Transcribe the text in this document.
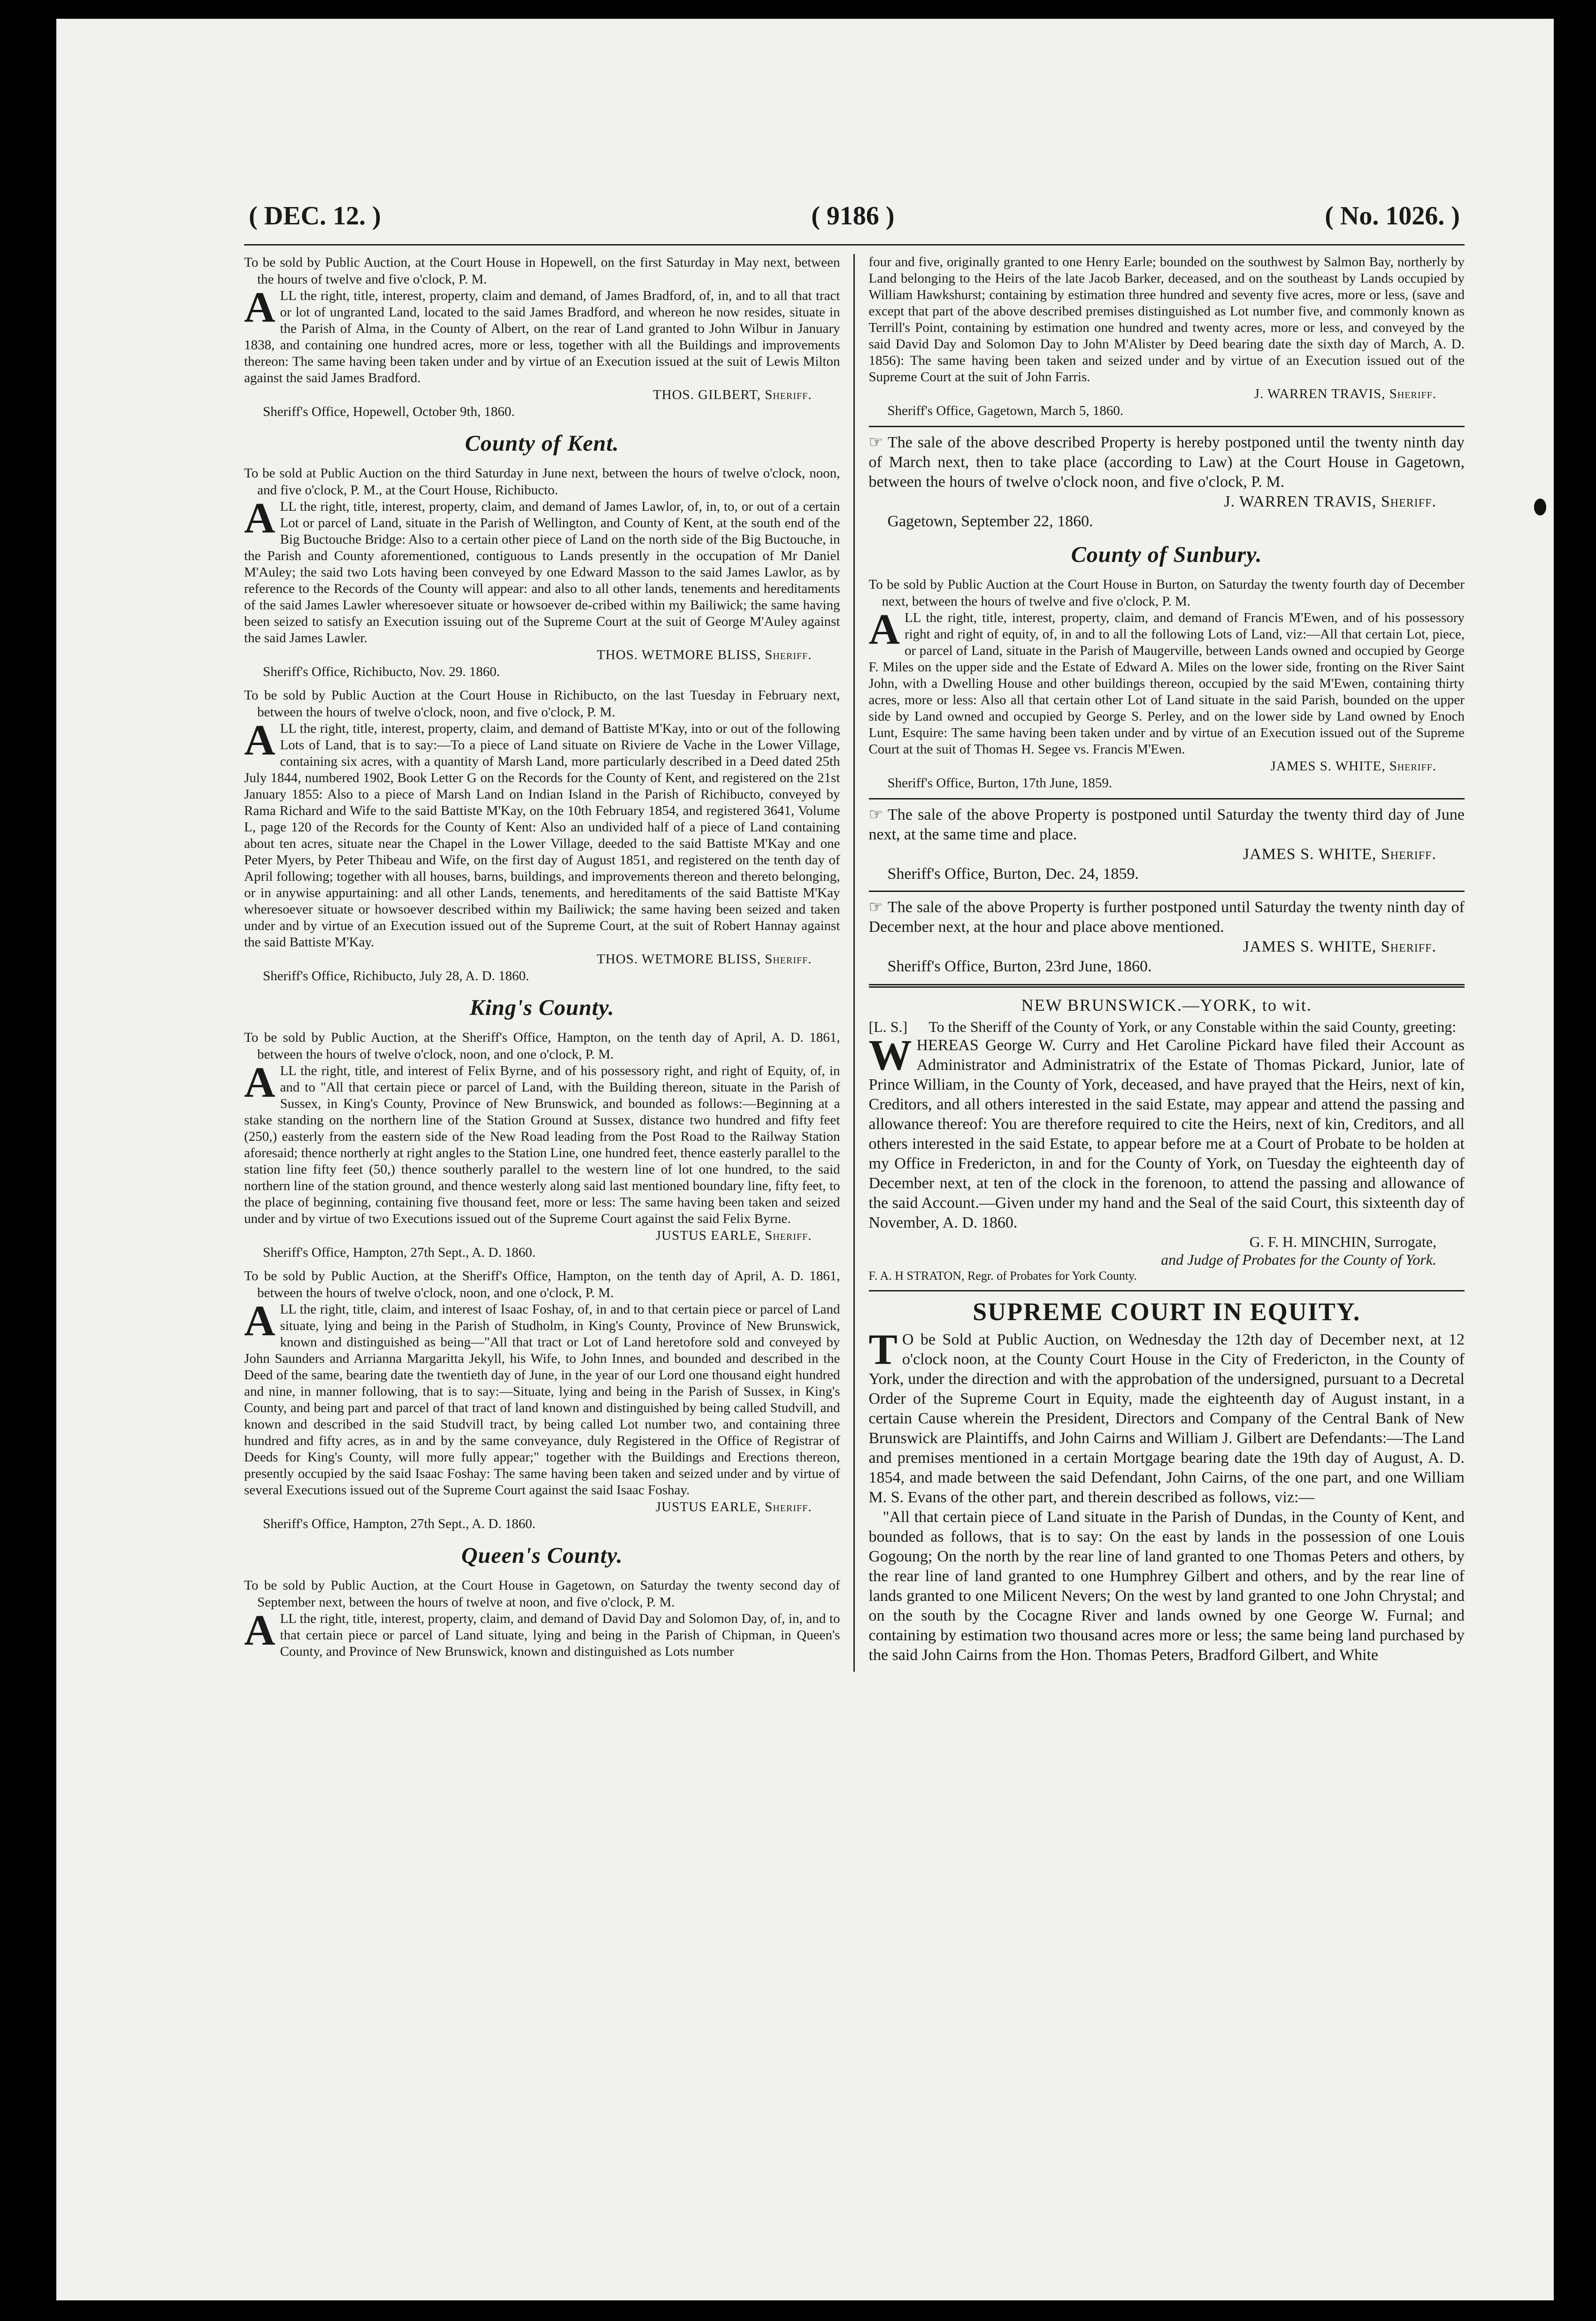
( DEC. 12. )	( 9186 )	( No. 1026. )

To be sold by Public Auction, at the Court House in Hopewell, on the first Saturday in May next, between the hours of twelve and five o'clock, P. M.

ALL the right, title, interest, property, claim and demand, of James Bradford, of, in, and to all that tract or lot of ungranted Land, located to the said James Bradford, and whereon he now resides, situate in the Parish of Alma, in the County of Albert, on the rear of Land granted to John Wilbur in January 1838, and containing one hundred acres, more or less, together with all the Buildings and improvements thereon: The same having been taken under and by virtue of an Execution issued at the suit of Lewis Milton against the said James Bradford.

THOS. GILBERT, Sheriff.

Sheriff's Office, Hopewell, October 9th, 1860.

County of Kent.

To be sold at Public Auction on the third Saturday in June next, between the hours of twelve o'clock, noon, and five o'clock, P. M., at the Court House, Richibucto.

ALL the right, title, interest, property, claim, and demand of James Lawlor, of, in, to, or out of a certain Lot or parcel of Land, situate in the Parish of Wellington, and County of Kent, at the south end of the Big Buctouche Bridge: Also to a certain other piece of Land on the north side of the Big Buctouche, in the Parish and County aforementioned, contiguous to Lands presently in the occupation of Mr Daniel M'Auley; the said two Lots having been conveyed by one Edward Masson to the said James Lawlor, as by reference to the Records of the County will appear: and also to all other lands, tenements and hereditaments of the said James Lawler wheresoever situate or howsoever de-cribed within my Bailiwick; the same having been seized to satisfy an Execution issuing out of the Supreme Court at the suit of George M'Auley against the said James Lawler.

THOS. WETMORE BLISS, Sheriff.

Sheriff's Office, Richibucto, Nov. 29. 1860.

To be sold by Public Auction at the Court House in Richibucto, on the last Tuesday in February next, between the hours of twelve o'clock, noon, and five o'clock, P. M.

ALL the right, title, interest, property, claim, and demand of Battiste M'Kay, into or out of the following Lots of Land, that is to say:—To a piece of Land situate on Riviere de Vache in the Lower Village, containing six acres, with a quantity of Marsh Land, more particularly described in a Deed dated 25th July 1844, numbered 1902, Book Letter G on the Records for the County of Kent, and registered on the 21st January 1855: Also to a piece of Marsh Land on Indian Island in the Parish of Richibucto, conveyed by Rama Richard and Wife to the said Battiste M'Kay, on the 10th February 1854, and registered 3641, Volume L, page 120 of the Records for the County of Kent: Also an undivided half of a piece of Land containing about ten acres, situate near the Chapel in the Lower Village, deeded to the said Battiste M'Kay and one Peter Myers, by Peter Thibeau and Wife, on the first day of August 1851, and registered on the tenth day of April following; together with all houses, barns, buildings, and improvements thereon and thereto belonging, or in anywise appurtaining: and all other Lands, tenements, and hereditaments of the said Battiste M'Kay wheresoever situate or howsoever described within my Bailiwick; the same having been seized and taken under and by virtue of an Execution issued out of the Supreme Court, at the suit of Robert Hannay against the said Battiste M'Kay.

THOS. WETMORE BLISS, Sheriff.

Sheriff's Office, Richibucto, July 28, A. D. 1860.

King's County.

To be sold by Public Auction, at the Sheriff's Office, Hampton, on the tenth day of April, A. D. 1861, between the hours of twelve o'clock, noon, and one o'clock, P. M.

ALL the right, title, and interest of Felix Byrne, and of his possessory right, and right of Equity, of, in and to "All that certain piece or parcel of Land, with the Building thereon, situate in the Parish of Sussex, in King's County, Province of New Brunswick, and bounded as follows:—Beginning at a stake standing on the northern line of the Station Ground at Sussex, distance two hundred and fifty feet (250,) easterly from the eastern side of the New Road leading from the Post Road to the Railway Station aforesaid; thence northerly at right angles to the Station Line, one hundred feet, thence easterly parallel to the station line fifty feet (50,) thence southerly parallel to the western line of lot one hundred, to the said northern line of the station ground, and thence westerly along said last mentioned boundary line, fifty feet, to the place of beginning, containing five thousand feet, more or less: The same having been taken and seized under and by virtue of two Executions issued out of the Supreme Court against the said Felix Byrne.

JUSTUS EARLE, Sheriff.

Sheriff's Office, Hampton, 27th Sept., A. D. 1860.

To be sold by Public Auction, at the Sheriff's Office, Hampton, on the tenth day of April, A. D. 1861, between the hours of twelve o'clock, noon, and one o'clock, P. M.

ALL the right, title, claim, and interest of Isaac Foshay, of, in and to that certain piece or parcel of Land situate, lying and being in the Parish of Studholm, in King's County, Province of New Brunswick, known and distinguished as being—"All that tract or Lot of Land heretofore sold and conveyed by John Saunders and Arrianna Margaritta Jekyll, his Wife, to John Innes, and bounded and described in the Deed of the same, bearing date the twentieth day of June, in the year of our Lord one thousand eight hundred and nine, in manner following, that is to say:—Situate, lying and being in the Parish of Sussex, in King's County, and being part and parcel of that tract of land known and distinguished by being called Studvill, and known and described in the said Studvill tract, by being called Lot number two, and containing three hundred and fifty acres, as in and by the same conveyance, duly Registered in the Office of Registrar of Deeds for King's County, will more fully appear;" together with the Buildings and Erections thereon, presently occupied by the said Isaac Foshay: The same having been taken and seized under and by virtue of several Executions issued out of the Supreme Court against the said Isaac Foshay.

JUSTUS EARLE, Sheriff.

Sheriff's Office, Hampton, 27th Sept., A. D. 1860.

Queen's County.

To be sold by Public Auction, at the Court House in Gagetown, on Saturday the twenty second day of September next, between the hours of twelve at noon, and five o'clock, P. M.

ALL the right, title, interest, property, claim, and demand of David Day and Solomon Day, of, in, and to that certain piece or parcel of Land situate, lying and being in the Parish of Chipman, in Queen's County, and Province of New Brunswick, known and distinguished as Lots number

four and five, originally granted to one Henry Earle; bounded on the southwest by Salmon Bay, northerly by Land belonging to the Heirs of the late Jacob Barker, deceased, and on the southeast by Lands occupied by William Hawkshurst; containing by estimation three hundred and seventy five acres, more or less, (save and except that part of the above described premises distinguished as Lot number five, and commonly known as Terrill's Point, containing by estimation one hundred and twenty acres, more or less, and conveyed by the said David Day and Solomon Day to John M'Alister by Deed bearing date the sixth day of March, A. D. 1856): The same having been taken and seized under and by virtue of an Execution issued out of the Supreme Court at the suit of John Farris.

J. WARREN TRAVIS, Sheriff.

Sheriff's Office, Gagetown, March 5, 1860.

☞ The sale of the above described Property is hereby postponed until the twenty ninth day of March next, then to take place (according to Law) at the Court House in Gagetown, between the hours of twelve o'clock noon, and five o'clock, P. M.

J. WARREN TRAVIS, Sheriff.

Gagetown, September 22, 1860.

County of Sunbury.

To be sold by Public Auction at the Court House in Burton, on Saturday the twenty fourth day of December next, between the hours of twelve and five o'clock, P. M.

ALL the right, title, interest, property, claim, and demand of Francis M'Ewen, and of his possessory right and right of equity, of, in and to all the following Lots of Land, viz:—All that certain Lot, piece, or parcel of Land, situate in the Parish of Maugerville, between Lands owned and occupied by George F. Miles on the upper side and the Estate of Edward A. Miles on the lower side, fronting on the River Saint John, with a Dwelling House and other buildings thereon, occupied by the said M'Ewen, containing thirty acres, more or less: Also all that certain other Lot of Land situate in the said Parish, bounded on the upper side by Land owned and occupied by George S. Perley, and on the lower side by Land owned by Enoch Lunt, Esquire: The same having been taken under and by virtue of an Execution issued out of the Supreme Court at the suit of Thomas H. Segee vs. Francis M'Ewen.

JAMES S. WHITE, Sheriff.

Sheriff's Office, Burton, 17th June, 1859.

☞ The sale of the above Property is postponed until Saturday the twenty third day of June next, at the same time and place.

JAMES S. WHITE, Sheriff.

Sheriff's Office, Burton, Dec. 24, 1859.

☞ The sale of the above Property is further postponed until Saturday the twenty ninth day of December next, at the hour and place above mentioned.

JAMES S. WHITE, Sheriff.

Sheriff's Office, Burton, 23rd June, 1860.

NEW BRUNSWICK.—YORK, to wit.
[L. S.]	To the Sheriff of the County of York, or any Constable within the said County, greeting:

WHEREAS George W. Curry and Het Caroline Pickard have filed their Account as Administrator and Administratrix of the Estate of Thomas Pickard, Junior, late of Prince William, in the County of York, deceased, and have prayed that the Heirs, next of kin, Creditors, and all others interested in the said Estate, may appear and attend the passing and allowance thereof: You are therefore required to cite the Heirs, next of kin, Creditors, and all others interested in the said Estate, to appear before me at a Court of Probate to be holden at my Office in Fredericton, in and for the County of York, on Tuesday the eighteenth day of December next, at ten of the clock in the forenoon, to attend the passing and allowance of the said Account.—Given under my hand and the Seal of the said Court, this sixteenth day of November, A. D. 1860.

G. F. H. MINCHIN, Surrogate,

and Judge of Probates for the County of York.

F. A. H STRATON, Regr. of Probates for York County.

SUPREME COURT IN EQUITY.

T O be Sold at Public Auction, on Wednesday the 12th day of December next, at 12 o'clock noon, at the County Court House in the City of Fredericton, in the County of York, under the direction and with the approbation of the undersigned, pursuant to a Decretal Order of the Supreme Court in Equity, made the eighteenth day of August instant, in a certain Cause wherein the President, Directors and Company of the Central Bank of New Brunswick are Plaintiffs, and John Cairns and William J. Gilbert are Defendants:—The Land and premises mentioned in a certain Mortgage bearing date the 19th day of August, A. D. 1854, and made between the said Defendant, John Cairns, of the one part, and one William M. S. Evans of the other part, and therein described as follows, viz:—

"All that certain piece of Land situate in the Parish of Dundas, in the County of Kent, and bounded as follows, that is to say: On the east by lands in the possession of one Louis Gogoung; On the north by the rear line of land granted to one Thomas Peters and others, by the rear line of land granted to one Humphrey Gilbert and others, and by the rear line of lands granted to one Milicent Nevers; On the west by land granted to one John Chrystal; and on the south by the Cocagne River and lands owned by one George W. Furnal; and containing by estimation two thousand acres more or less; the same being land purchased by the said John Cairns from the Hon. Thomas Peters, Bradford Gilbert, and White
